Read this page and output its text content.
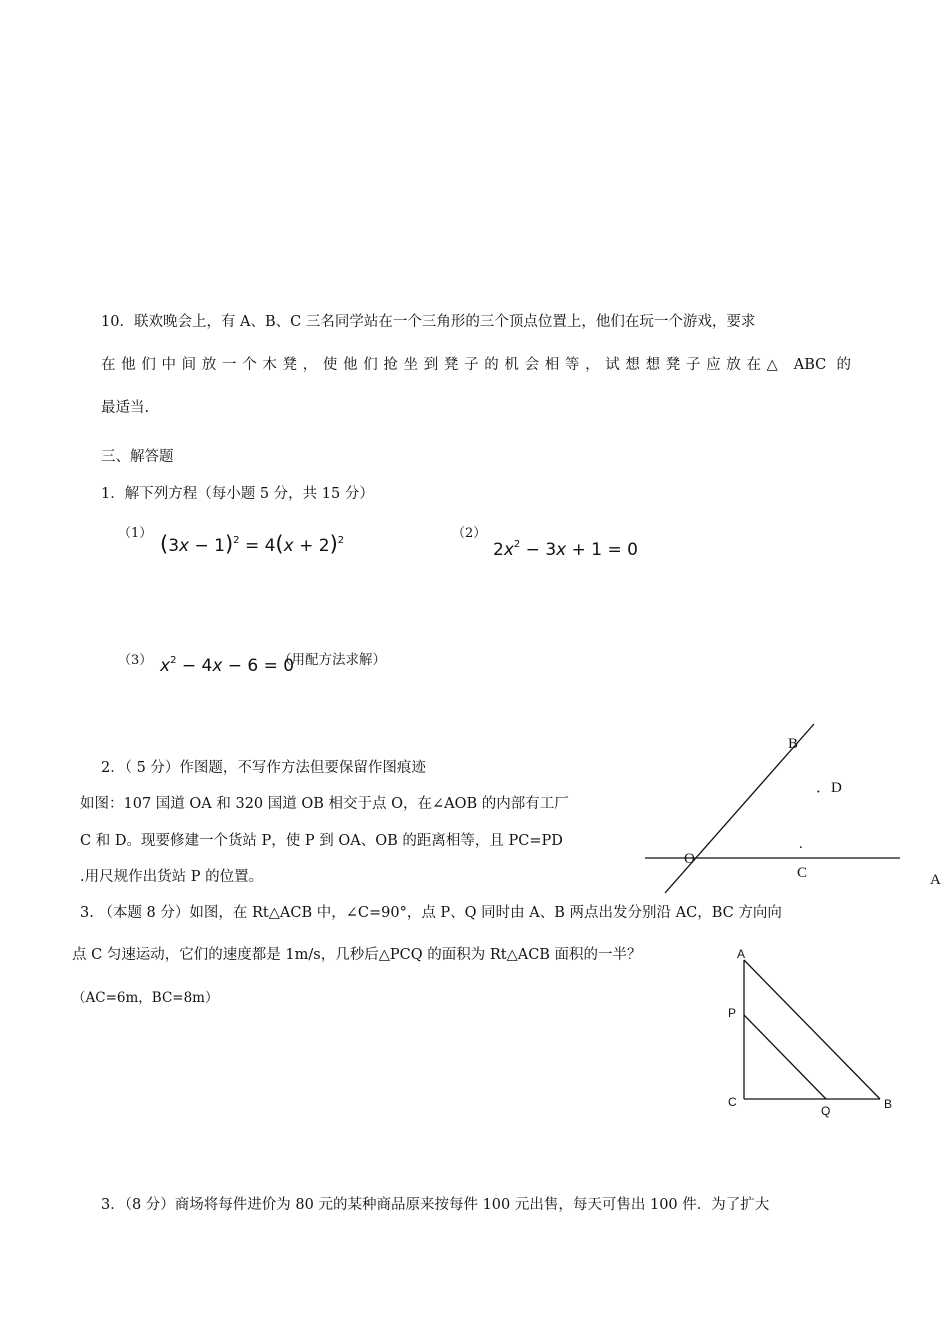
10．联欢晚会上，有 A、B、C 三名同学站在一个三角形的三个顶点位置上，他们在玩一个游戏，要求
在他们中间放一个木凳，使他们抢坐到凳子的机会相等，试想想凳子应放在△ ABC 的
最适当.
三、解答题
1．解下列方程（每小题 5 分，共 15 分）
（1） $(3x - 1)^2 = 4(x + 2)^2$	（2）
$2x^2 - 3x + 1 = 0$
（3） $x^2 - 4x - 6 = 0$
（用配方法求解）
2．（ 5 分）作图题，不写作方法但要保留作图痕迹
如图：107 国道 OA 和 320 国道 OB 相交于点 O，在∠AOB 的内部有工厂
C 和 D。现要修建一个货站 P，使 P 到 OA、OB 的距离相等，且 PC=PD
.用尺规作出货站 P 的位置。
B
O
A
C
.
．D
3. （本题 8 分）如图，在 Rt△ACB 中，∠C=90°，点 P、Q 同时由 A、B 两点出发分别沿 AC，BC 方向向
点 C 匀速运动，它们的速度都是 1m/s，几秒后△PCQ 的面积为 Rt△ACB 面积的一半？
（AC=6m，BC=8m）
A
P
C
Q	B
3．（8 分）商场将每件进价为 80 元的某种商品原来按每件 100 元出售，每天可售出 100 件．为了扩大
